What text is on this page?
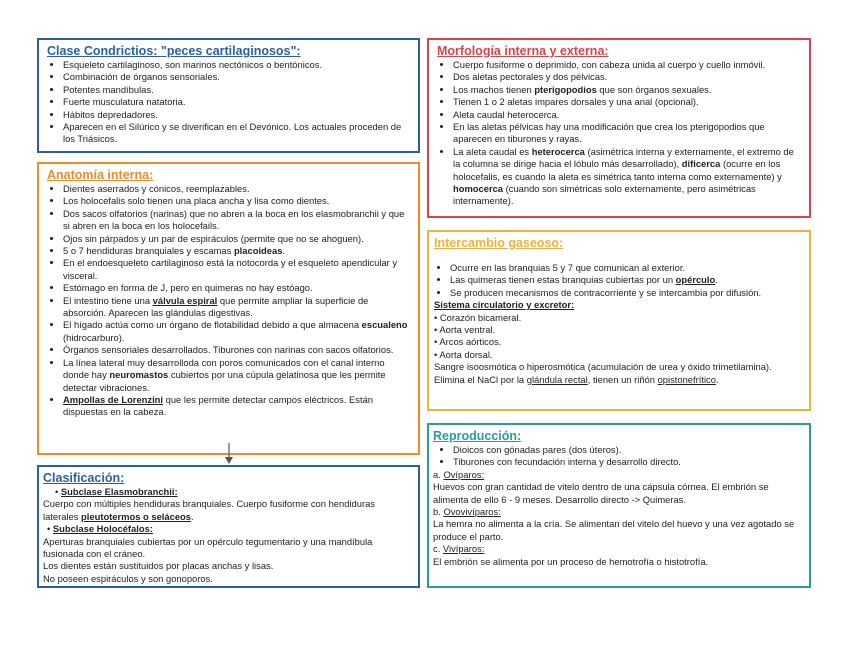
Clase Condrictios: "peces cartilaginosos":
• Esqueleto cartilaginoso, son marinos nectónicos o bentónicos.
• Combinación de órganos sensoriales.
• Potentes mandíbulas.
• Fuerte musculatura natatoria.
• Hábitos depredadores.
• Aparecen en el Silúrico y se diverifican en el Devónico. Los actuales proceden de los Triásicos.
Anatomía interna:
• Dientes aserrados y cónicos, reemplazables.
• Los holocefalis solo tienen una placa ancha y lisa como dientes.
• Dos sacos olfatorios (narinas) que no abren a la boca en los elasmobranchii y que si abren en la boca en los holocefails.
• Ojos sin párpados y un par de espiráculos (permite que no se ahoguen).
• 5 o 7 hendiduras branquiales y escamas placoideas.
• En el endoesqueleto cartilaginoso está la notocorda y el esqueleto apendicular y visceral.
• Estómago en forma de J, pero en quimeras no hay estóago.
• El intestino tiene una válvula espiral que permite ampliar la superficie de absorción. Aparecen las glándulas digestivas.
• El hígado actúa como un órgano de flotabilidad debido a que almacena escualeno (hidrocarburo).
• Órganos sensoriales desarrollados. Tiburones con narinas con sacos olfatorios.
• La línea lateral muy desarrolloda con poros comunicados con el canal interno donde hay neuromastos cubiertos por una cúpula gelatinosa que les permite detectar vibraciones.
• Ampollas de Lorenzini que les permite detectar campos eléctricos. Están dispuestas en la cabeza.
Clasificación:

• Subclase Elasmobranchii:

Cuerpo con múltiples hendiduras branquiales. Cuerpo fusiforme con hendiduras laterales pleutotermos o seláceos.

• Subclase Holocéfalos:

Aperturas branquiales cubiertas por un opérculo tegumentario y una mandíbula fusionada con el cráneo.

Los dientes están sustituidos por placas anchas y lisas.

No poseen espiráculos y son gonoporos.

Morfología interna y externa:
• Cuerpo fusiforme o deprimido, con cabeza unida al cuerpo y cuello inmóvil.
• Dos aletas pectorales y dos pélvicas.
• Los machos tienen pterigopodios que son órganos sexuales.
• Tienen 1 o 2 aletas impares dorsales y una anal (opcional).
• Aleta caudal heterocerca.
• En las aletas pélvicas hay una modificación que crea los pterigopodios que aparecen en tiburones y rayas.
• La aleta caudal es heterocerca (asimétrica interna y externamente, el extremo de la columna se dirige hacia el lóbulo más desarrollado), dificerca (ocurre en los holocefalis, es cuando la aleta es simétrica tanto interna como externamente) y homocerca (cuando son simétricas solo externamente, pero asimétricas internamente).
Intercambio gaseoso:
• Ocurre en las branquias 5 y 7 que comunican al exterior.
• Las quimeras tienen estas branquias cubiertas por un opérculo.
• Se producen mecanismos de contracorriente y se intercambia por difusión.

Sistema circulatorio y excretor:

• Corazón bicameral.

• Aorta ventral.

• Arcos aórticos.

• Aorta dorsal.

Sangre isoosmótica o hiperosmótica (acumulación de urea y óxido trimetilamina).

Elimina el NaCl por la glándula rectal, tienen un riñón opistonefrítico.

Reproducción:
• Dioicos con gónadas pares (dos úteros).
• Tiburones con fecundación interna y desarrollo directo.

a. Ovíparos:

Huevos con gran cantidad de vitelo dentro de una cápsula córnea. El embrión se alimenta de ello 6 - 9 meses. Desarrollo directo -> Quimeras.

b. Ovovivíparos:

La hemra no alimenta a la cría. Se alimentan del vitelo del huevo y una vez agotado se produce el parto.

c. Vivíparos:

El embrión se alimenta por un proceso de hemotrofía o histotrofía.
